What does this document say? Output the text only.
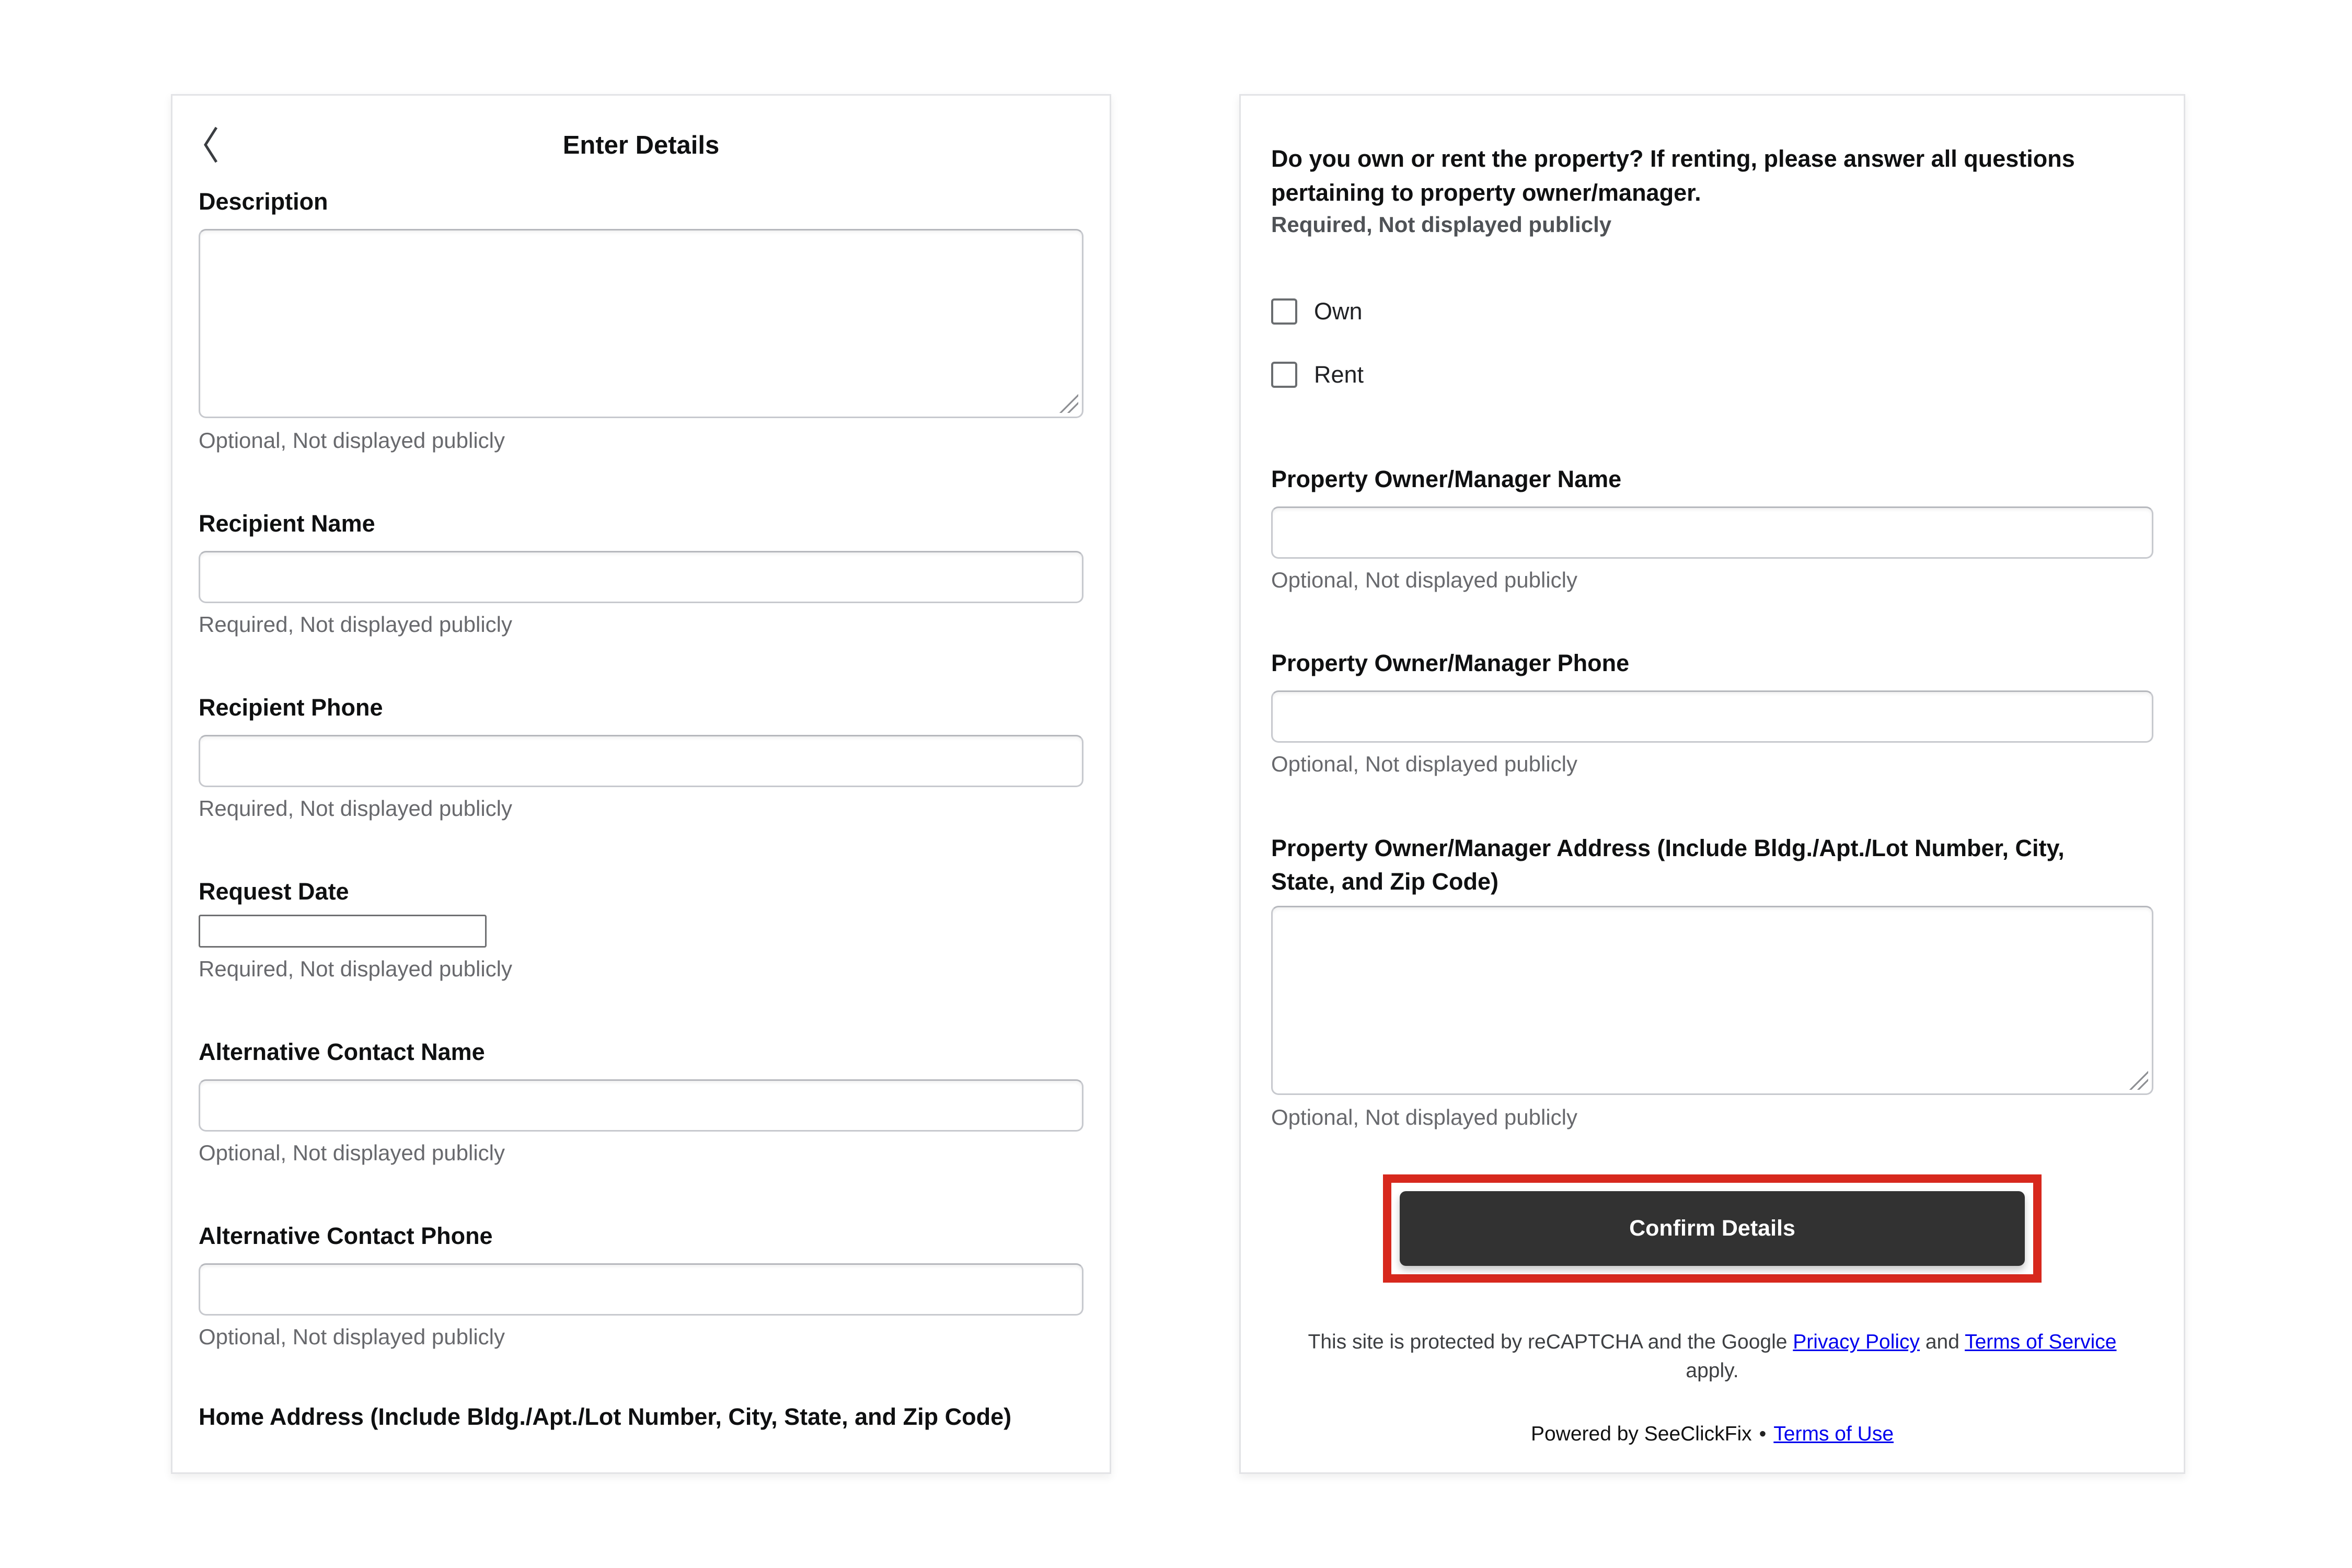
Enter Details
Description
Optional, Not displayed publicly
Recipient Name
Required, Not displayed publicly
Recipient Phone
Required, Not displayed publicly
Request Date
Required, Not displayed publicly
Alternative Contact Name
Optional, Not displayed publicly
Alternative Contact Phone
Optional, Not displayed publicly
Home Address (Include Bldg./Apt./Lot Number, City, State, and Zip Code)
Do you own or rent the property? If renting, please answer all questions pertaining to property owner/manager.
Required, Not displayed publicly
Own
Rent
Property Owner/Manager Name
Optional, Not displayed publicly
Property Owner/Manager Phone
Optional, Not displayed publicly
Property Owner/Manager Address (Include Bldg./Apt./Lot Number, City, State, and Zip Code)
Optional, Not displayed publicly
Confirm Details
This site is protected by reCAPTCHA and the Google Privacy Policy and Terms of Service apply.
Powered by SeeClickFix • Terms of Use
